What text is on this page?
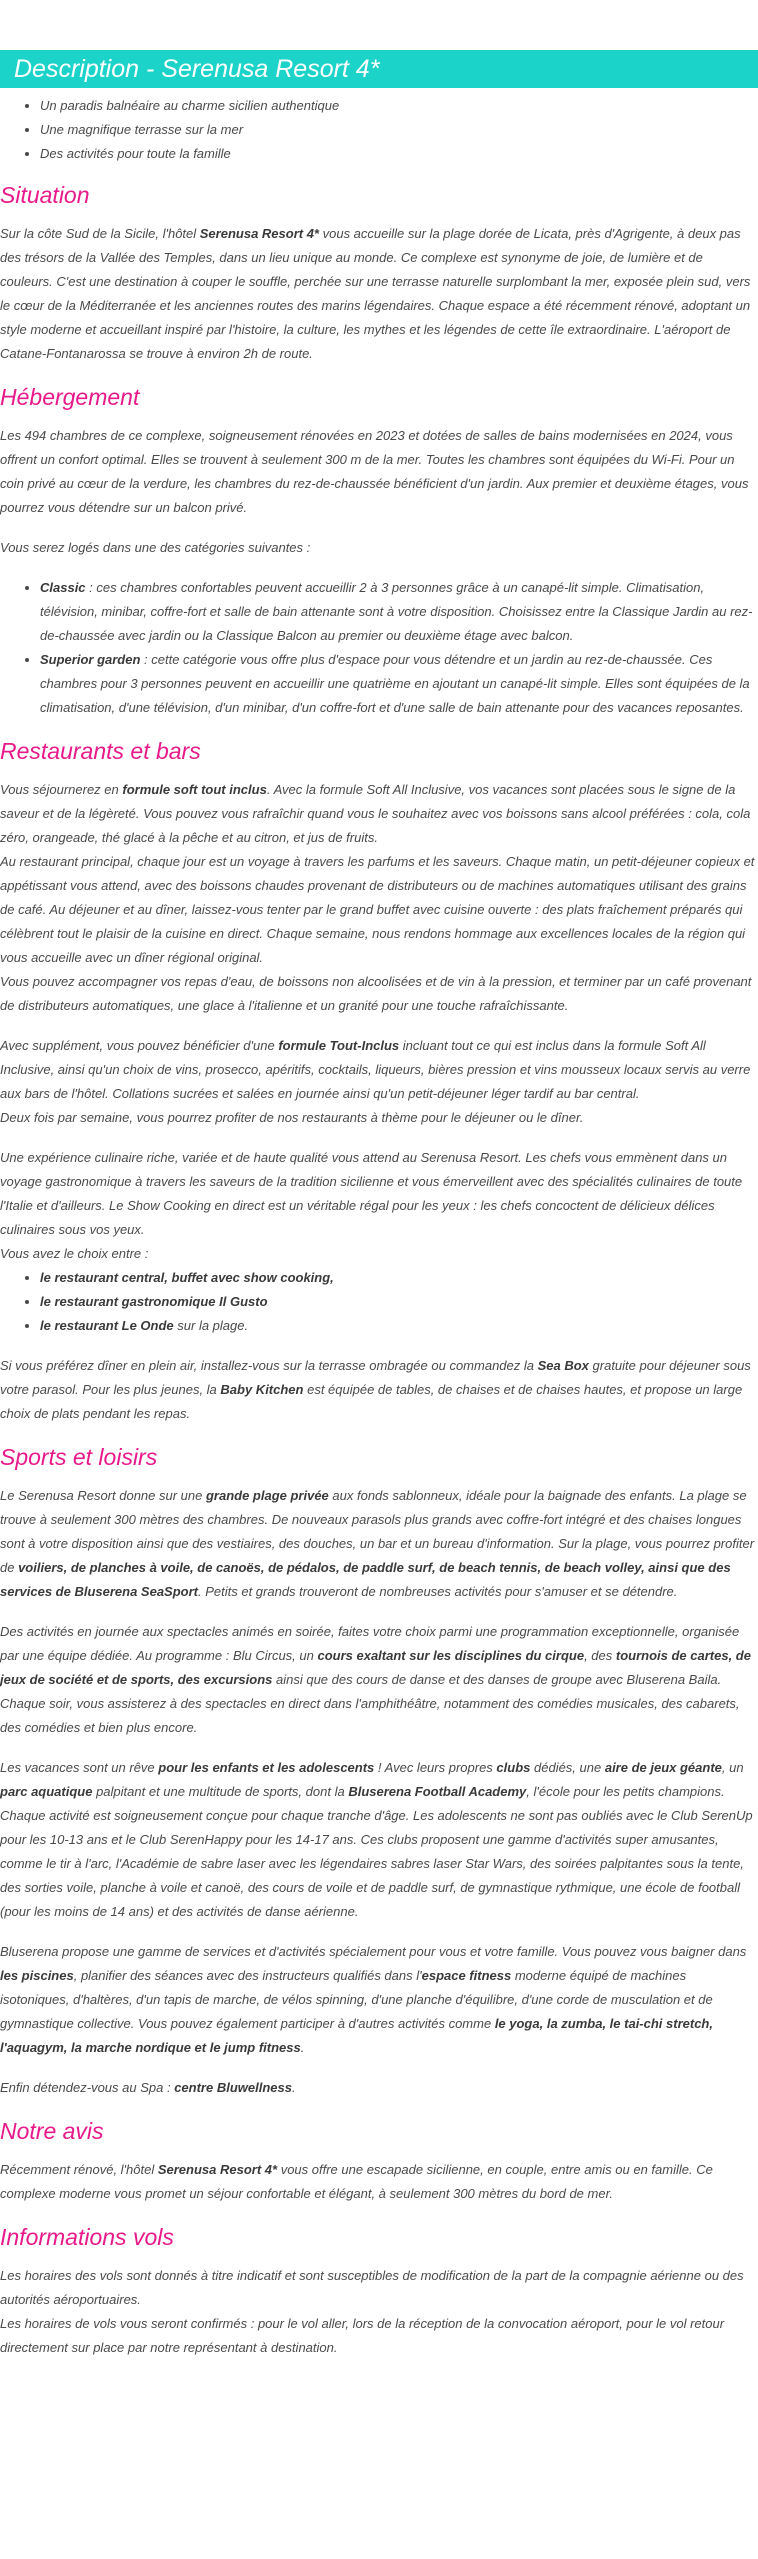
Description - Serenusa Resort 4*
• Un paradis balnéaire au charme sicilien authentique
• Une magnifique terrasse sur la mer
• Des activités pour toute la famille
Situation

Sur la côte Sud de la Sicile, l'hôtel Serenusa Resort 4* vous accueille sur la plage dorée de Licata, près d'Agrigente, à deux pas des trésors de la Vallée des Temples, dans un lieu unique au monde. Ce complexe est synonyme de joie, de lumière et de couleurs. C'est une destination à couper le souffle, perchée sur une terrasse naturelle surplombant la mer, exposée plein sud, vers le cœur de la Méditerranée et les anciennes routes des marins légendaires. Chaque espace a été récemment rénové, adoptant un style moderne et accueillant inspiré par l'histoire, la culture, les mythes et les légendes de cette île extraordinaire. L'aéroport de Catane-Fontanarossa se trouve à environ 2h de route.

Hébergement

Les 494 chambres de ce complexe, soigneusement rénovées en 2023 et dotées de salles de bains modernisées en 2024, vous offrent un confort optimal. Elles se trouvent à seulement 300 m de la mer. Toutes les chambres sont équipées du Wi-Fi. Pour un coin privé au cœur de la verdure, les chambres du rez-de-chaussée bénéficient d'un jardin. Aux premier et deuxième étages, vous pourrez vous détendre sur un balcon privé.

Vous serez logés dans une des catégories suivantes :

• Classic : ces chambres confortables peuvent accueillir 2 à 3 personnes grâce à un canapé-lit simple. Climatisation, télévision, minibar, coffre-fort et salle de bain attenante sont à votre disposition. Choisissez entre la Classique Jardin au rez-de-chaussée avec jardin ou la Classique Balcon au premier ou deuxième étage avec balcon.
• Superior garden : cette catégorie vous offre plus d'espace pour vous détendre et un jardin au rez-de-chaussée. Ces chambres pour 3 personnes peuvent en accueillir une quatrième en ajoutant un canapé-lit simple. Elles sont équipées de la climatisation, d'une télévision, d'un minibar, d'un coffre-fort et d'une salle de bain attenante pour des vacances reposantes.
Restaurants et bars

Vous séjournerez en formule soft tout inclus. Avec la formule Soft All Inclusive, vos vacances sont placées sous le signe de la saveur et de la légèreté. Vous pouvez vous rafraîchir quand vous le souhaitez avec vos boissons sans alcool préférées : cola, cola zéro, orangeade, thé glacé à la pêche et au citron, et jus de fruits.

Au restaurant principal, chaque jour est un voyage à travers les parfums et les saveurs. Chaque matin, un petit-déjeuner copieux et appétissant vous attend, avec des boissons chaudes provenant de distributeurs ou de machines automatiques utilisant des grains de café. Au déjeuner et au dîner, laissez-vous tenter par le grand buffet avec cuisine ouverte : des plats fraîchement préparés qui célèbrent tout le plaisir de la cuisine en direct. Chaque semaine, nous rendons hommage aux excellences locales de la région qui vous accueille avec un dîner régional original.

Vous pouvez accompagner vos repas d'eau, de boissons non alcoolisées et de vin à la pression, et terminer par un café provenant de distributeurs automatiques, une glace à l'italienne et un granité pour une touche rafraîchissante.

Avec supplément, vous pouvez bénéficier d'une formule Tout-Inclus incluant tout ce qui est inclus dans la formule Soft All Inclusive, ainsi qu'un choix de vins, prosecco, apéritifs, cocktails, liqueurs, bières pression et vins mousseux locaux servis au verre aux bars de l'hôtel. Collations sucrées et salées en journée ainsi qu'un petit-déjeuner léger tardif au bar central.

Deux fois par semaine, vous pourrez profiter de nos restaurants à thème pour le déjeuner ou le dîner.

Une expérience culinaire riche, variée et de haute qualité vous attend au Serenusa Resort. Les chefs vous emmènent dans un voyage gastronomique à travers les saveurs de la tradition sicilienne et vous émerveillent avec des spécialités culinaires de toute l'Italie et d'ailleurs. Le Show Cooking en direct est un véritable régal pour les yeux : les chefs concoctent de délicieux délices culinaires sous vos yeux.

Vous avez le choix entre :

• le restaurant central, buffet avec show cooking,
• le restaurant gastronomique Il Gusto
• le restaurant Le Onde sur la plage.

Si vous préférez dîner en plein air, installez-vous sur la terrasse ombragée ou commandez la Sea Box gratuite pour déjeuner sous votre parasol. Pour les plus jeunes, la Baby Kitchen est équipée de tables, de chaises et de chaises hautes, et propose un large choix de plats pendant les repas.

Sports et loisirs

Le Serenusa Resort donne sur une grande plage privée aux fonds sablonneux, idéale pour la baignade des enfants. La plage se trouve à seulement 300 mètres des chambres. De nouveaux parasols plus grands avec coffre-fort intégré et des chaises longues sont à votre disposition ainsi que des vestiaires, des douches, un bar et un bureau d'information. Sur la plage, vous pourrez profiter de voiliers, de planches à voile, de canoës, de pédalos, de paddle surf, de beach tennis, de beach volley, ainsi que des services de Bluserena SeaSport. Petits et grands trouveront de nombreuses activités pour s'amuser et se détendre.

Des activités en journée aux spectacles animés en soirée, faites votre choix parmi une programmation exceptionnelle, organisée par une équipe dédiée. Au programme : Blu Circus, un cours exaltant sur les disciplines du cirque, des tournois de cartes, de jeux de société et de sports, des excursions ainsi que des cours de danse et des danses de groupe avec Bluserena Baila. Chaque soir, vous assisterez à des spectacles en direct dans l'amphithéâtre, notamment des comédies musicales, des cabarets, des comédies et bien plus encore.

Les vacances sont un rêve pour les enfants et les adolescents ! Avec leurs propres clubs dédiés, une aire de jeux géante, un parc aquatique palpitant et une multitude de sports, dont la Bluserena Football Academy, l'école pour les petits champions. Chaque activité est soigneusement conçue pour chaque tranche d'âge. Les adolescents ne sont pas oubliés avec le Club SerenUp pour les 10-13 ans et le Club SerenHappy pour les 14-17 ans. Ces clubs proposent une gamme d'activités super amusantes, comme le tir à l'arc, l'Académie de sabre laser avec les légendaires sabres laser Star Wars, des soirées palpitantes sous la tente, des sorties voile, planche à voile et canoë, des cours de voile et de paddle surf, de gymnastique rythmique, une école de football (pour les moins de 14 ans) et des activités de danse aérienne.

Bluserena propose une gamme de services et d'activités spécialement pour vous et votre famille. Vous pouvez vous baigner dans les piscines, planifier des séances avec des instructeurs qualifiés dans l'espace fitness moderne équipé de machines isotoniques, d'haltères, d'un tapis de marche, de vélos spinning, d'une planche d'équilibre, d'une corde de musculation et de gymnastique collective. Vous pouvez également participer à d'autres activités comme le yoga, la zumba, le tai-chi stretch, l'aquagym, la marche nordique et le jump fitness.

Enfin détendez-vous au Spa : centre Bluwellness.

Notre avis

Récemment rénové, l'hôtel Serenusa Resort 4* vous offre une escapade sicilienne, en couple, entre amis ou en famille. Ce complexe moderne vous promet un séjour confortable et élégant, à seulement 300 mètres du bord de mer.

Informations vols

Les horaires des vols sont donnés à titre indicatif et sont susceptibles de modification de la part de la compagnie aérienne ou des autorités aéroportuaires.

Les horaires de vols vous seront confirmés : pour le vol aller, lors de la réception de la convocation aéroport, pour le vol retour directement sur place par notre représentant à destination.
